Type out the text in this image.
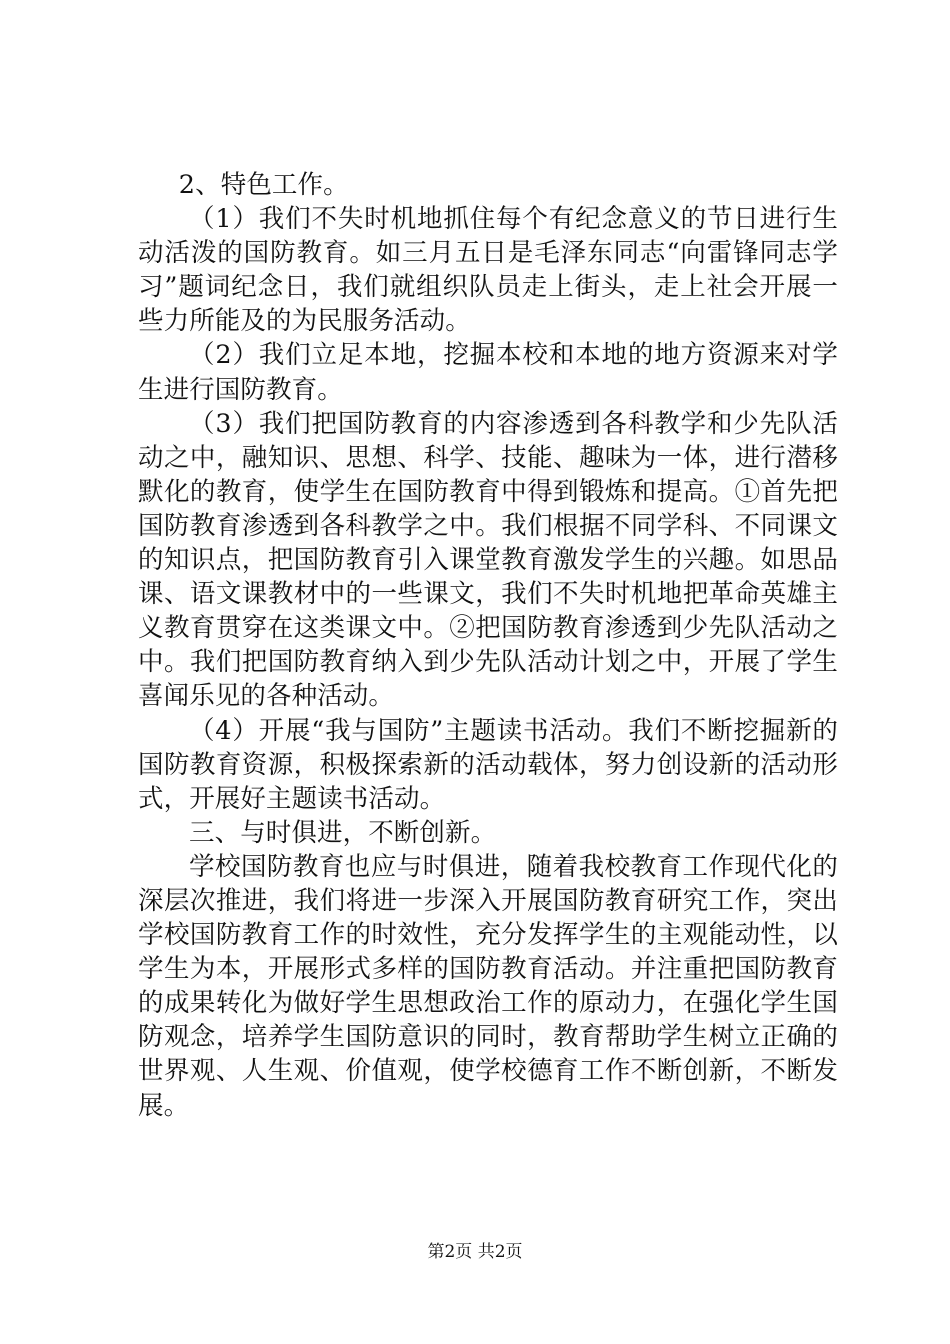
2、特色工作。

（1）我们不失时机地抓住每个有纪念意义的节日进行生动活泼的国防教育。如三月五日是毛泽东同志“向雷锋同志学习”题词纪念日，我们就组织队员走上街头，走上社会开展一些力所能及的为民服务活动。

（2）我们立足本地，挖掘本校和本地的地方资源来对学生进行国防教育。

（3）我们把国防教育的内容渗透到各科教学和少先队活动之中，融知识、思想、科学、技能、趣味为一体，进行潜移默化的教育，使学生在国防教育中得到锻炼和提高。①首先把国防教育渗透到各科教学之中。我们根据不同学科、不同课文的知识点，把国防教育引入课堂教育激发学生的兴趣。如思品课、语文课教材中的一些课文，我们不失时机地把革命英雄主义教育贯穿在这类课文中。②把国防教育渗透到少先队活动之中。我们把国防教育纳入到少先队活动计划之中，开展了学生喜闻乐见的各种活动。

（4）开展“我与国防”主题读书活动。我们不断挖掘新的国防教育资源，积极探索新的活动载体，努力创设新的活动形式，开展好主题读书活动。

三、与时俱进，不断创新。

学校国防教育也应与时俱进，随着我校教育工作现代化的深层次推进，我们将进一步深入开展国防教育研究工作，突出学校国防教育工作的时效性，充分发挥学生的主观能动性，以学生为本，开展形式多样的国防教育活动。并注重把国防教育的成果转化为做好学生思想政治工作的原动力，在强化学生国防观念，培养学生国防意识的同时，教育帮助学生树立正确的世界观、人生观、价值观，使学校德育工作不断创新，不断发展。

第2页 共2页
